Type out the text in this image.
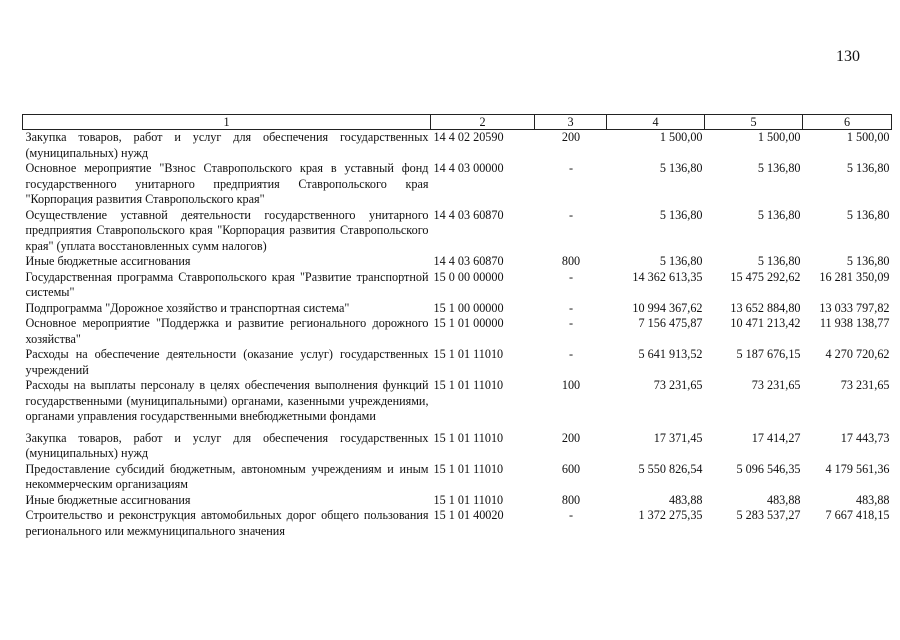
130
1	2	3	4	5	6
Закупка товаров, работ и услуг для обеспечения государственных (муниципальных) нужд	14 4 02 20590	200	1 500,00	1 500,00	1 500,00
Основное мероприятие "Взнос Ставропольского края в уставный фонд государственного унитарного предприятия Ставропольского края "Корпорация развития Ставропольского края"	14 4 03 00000	-	5 136,80	5 136,80	5 136,80
Осуществление уставной деятельности государственного унитарного предприятия Ставропольского края "Корпорация развития Ставропольского края" (уплата восстановленных сумм налогов)	14 4 03 60870	-	5 136,80	5 136,80	5 136,80
Иные бюджетные ассигнования	14 4 03 60870	800	5 136,80	5 136,80	5 136,80
Государственная программа Ставропольского края "Развитие транспортной системы"	15 0 00 00000	-	14 362 613,35	15 475 292,62	16 281 350,09
Подпрограмма "Дорожное хозяйство и транспортная система"	15 1 00 00000	-	10 994 367,62	13 652 884,80	13 033 797,82
Основное мероприятие "Поддержка и развитие регионального дорожного хозяйства"	15 1 01 00000	-	7 156 475,87	10 471 213,42	11 938 138,77
Расходы на обеспечение деятельности (оказание услуг) государственных учреждений	15 1 01 11010	-	5 641 913,52	5 187 676,15	4 270 720,62
Расходы на выплаты персоналу в целях обеспечения выполнения функций государственными (муниципальными) органами, казенными учреждениями, органами управления государственными внебюджетными фондами	15 1 01 11010	100	73 231,65	73 231,65	73 231,65
Закупка товаров, работ и услуг для обеспечения государственных (муниципальных) нужд	15 1 01 11010	200	17 371,45	17 414,27	17 443,73
Предоставление субсидий бюджетным, автономным учреждениям и иным некоммерческим организациям	15 1 01 11010	600	5 550 826,54	5 096 546,35	4 179 561,36
Иные бюджетные ассигнования	15 1 01 11010	800	483,88	483,88	483,88
Строительство и реконструкция автомобильных дорог общего пользования регионального или межмуниципального значения	15 1 01 40020	-	1 372 275,35	5 283 537,27	7 667 418,15
